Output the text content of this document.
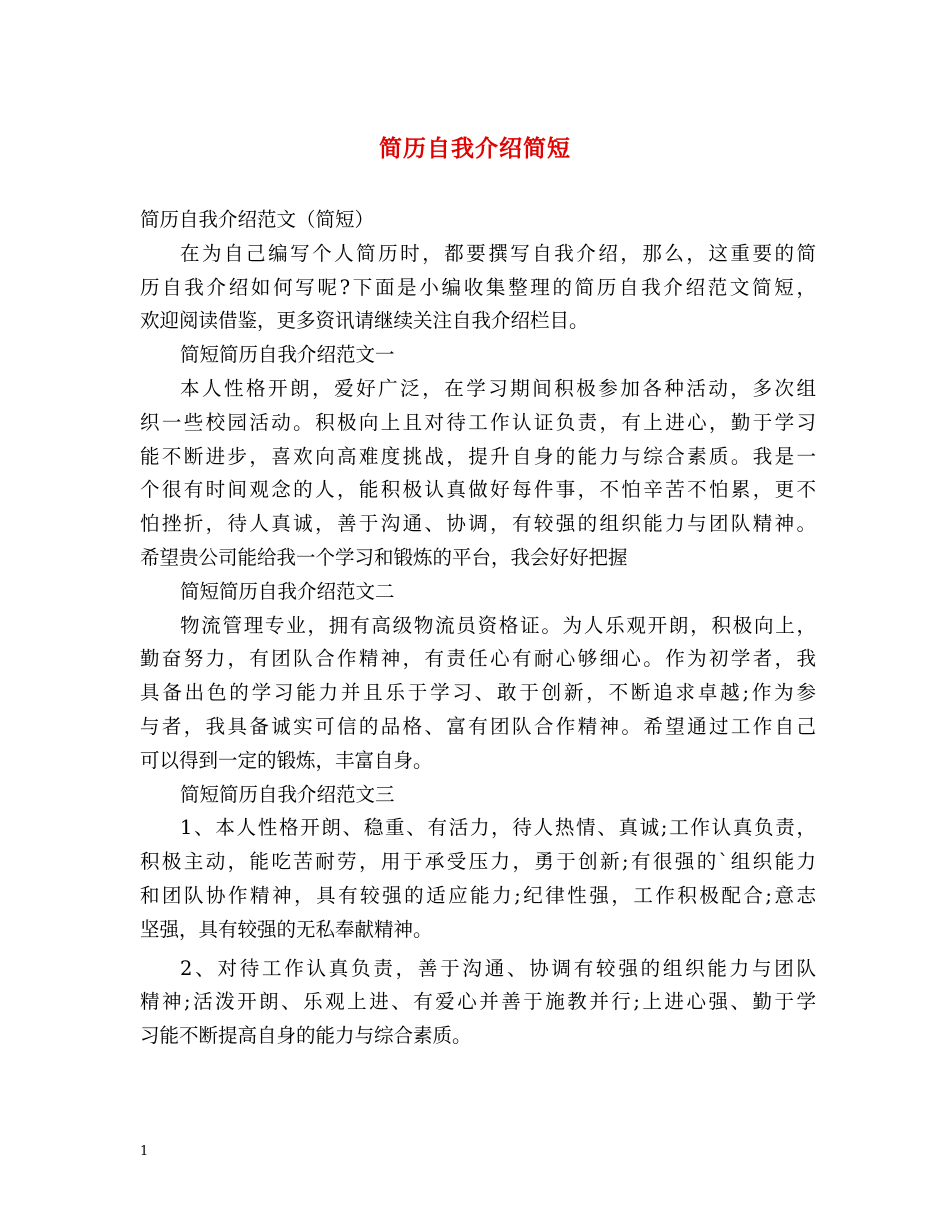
简历自我介绍简短
简历自我介绍范文（简短）
在为自己编写个人简历时，都要撰写自我介绍，那么，这重要的简
历自我介绍如何写呢?下面是小编收集整理的简历自我介绍范文简短，
欢迎阅读借鉴，更多资讯请继续关注自我介绍栏目。
简短简历自我介绍范文一
本人性格开朗，爱好广泛，在学习期间积极参加各种活动，多次组
织一些校园活动。积极向上且对待工作认证负责，有上进心，勤于学习
能不断进步，喜欢向高难度挑战，提升自身的能力与综合素质。我是一
个很有时间观念的人，能积极认真做好每件事，不怕辛苦不怕累，更不
怕挫折，待人真诚，善于沟通、协调，有较强的组织能力与团队精神。
希望贵公司能给我一个学习和锻炼的平台，我会好好把握
简短简历自我介绍范文二
物流管理专业，拥有高级物流员资格证。为人乐观开朗，积极向上，
勤奋努力，有团队合作精神，有责任心有耐心够细心。作为初学者，我
具备出色的学习能力并且乐于学习、敢于创新，不断追求卓越;作为参
与者，我具备诚实可信的品格、富有团队合作精神。希望通过工作自己
可以得到一定的锻炼，丰富自身。
简短简历自我介绍范文三
1、本人性格开朗、稳重、有活力，待人热情、真诚;工作认真负责，
积极主动，能吃苦耐劳，用于承受压力，勇于创新;有很强的`组织能力
和团队协作精神，具有较强的适应能力;纪律性强，工作积极配合;意志
坚强，具有较强的无私奉献精神。
2、对待工作认真负责，善于沟通、协调有较强的组织能力与团队
精神;活泼开朗、乐观上进、有爱心并善于施教并行;上进心强、勤于学
习能不断提高自身的能力与综合素质。
1
